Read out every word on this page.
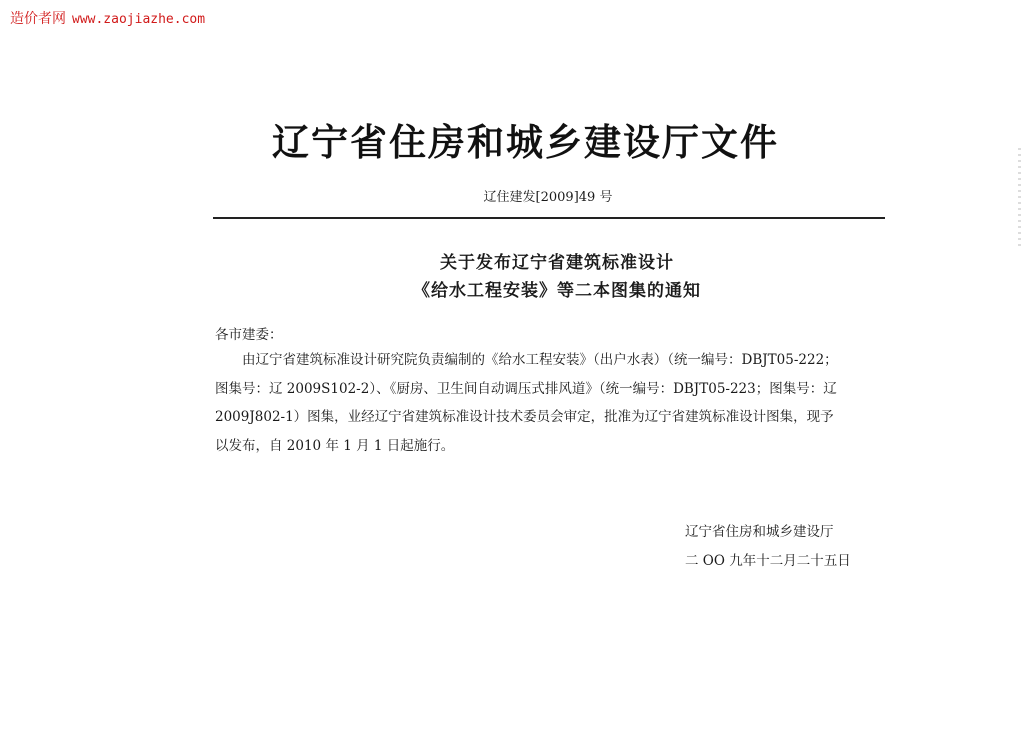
造价者网 www.zaojiazhe.com
辽宁省住房和城乡建设厅文件
辽住建发[2009]49 号
关于发布辽宁省建筑标准设计
《给水工程安装》等二本图集的通知
各市建委：

　　由辽宁省建筑标准设计研究院负责编制的《给水工程安装》（出户水表）（统一编号：DBJT05-222；

图集号：辽 2009S102-2）、《厨房、卫生间自动调压式排风道》（统一编号：DBJT05-223；图集号：辽

2009J802-1）图集，业经辽宁省建筑标准设计技术委员会审定，批准为辽宁省建筑标准设计图集，现予

以发布，自 2010 年 1 月 1 日起施行。

辽宁省住房和城乡建设厅
二 OO 九年十二月二十五日
